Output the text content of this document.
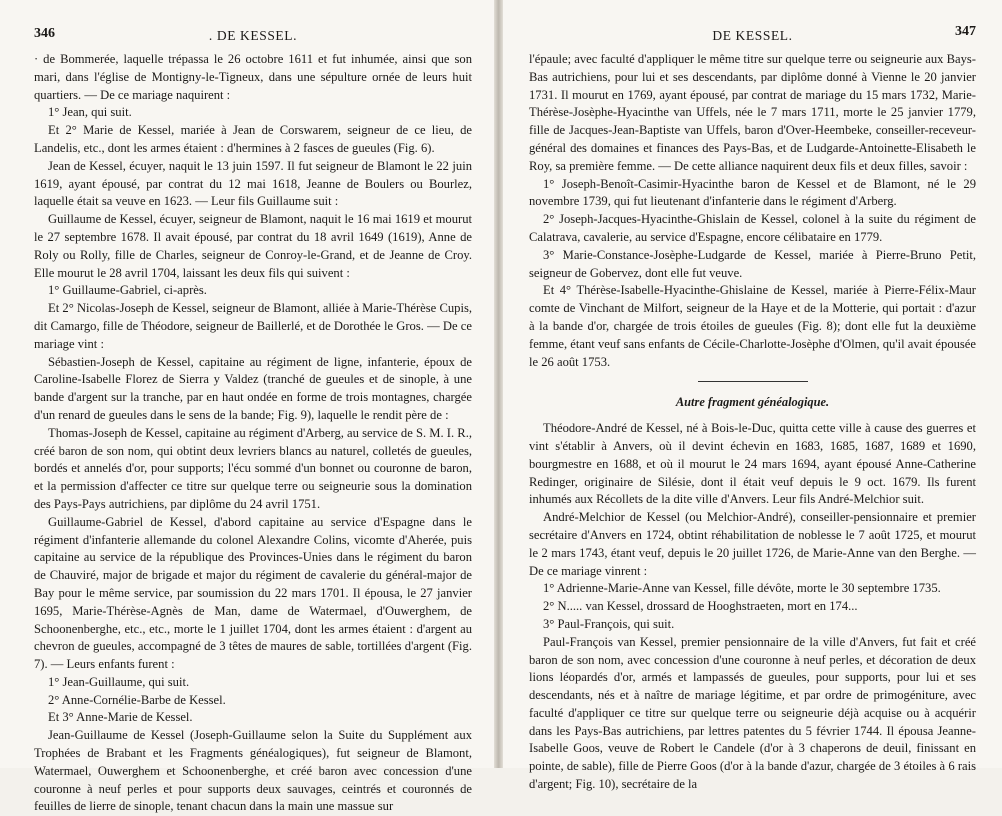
346	. DE KESSEL.

· de Bommerée, laquelle trépassa le 26 octobre 1611 et fut inhumée, ainsi que son mari, dans l'église de Montigny-le-Tigneux, dans une sépulture ornée de leurs huit quartiers. — De ce mariage naquirent :

1° Jean, qui suit.

Et 2° Marie de Kessel, mariée à Jean de Corswarem, seigneur de ce lieu, de Landelis, etc., dont les armes étaient : d'hermines à 2 fasces de gueules (Fig. 6).

Jean de Kessel, écuyer, naquit le 13 juin 1597. Il fut seigneur de Blamont le 22 juin 1619, ayant épousé, par contrat du 12 mai 1618, Jeanne de Boulers ou Bourlez, laquelle était sa veuve en 1623. — Leur fils Guillaume suit :

Guillaume de Kessel, écuyer, seigneur de Blamont, naquit le 16 mai 1619 et mourut le 27 septembre 1678. Il avait épousé, par contrat du 18 avril 1649 (1619), Anne de Roly ou Rolly, fille de Charles, seigneur de Conroy-le-Grand, et de Jeanne de Croy. Elle mourut le 28 avril 1704, laissant les deux fils qui suivent :

1° Guillaume-Gabriel, ci-après.

Et 2° Nicolas-Joseph de Kessel, seigneur de Blamont, alliée à Marie-Thérèse Cupis, dit Camargo, fille de Théodore, seigneur de Baillerlé, et de Dorothée le Gros. — De ce mariage vint :

Sébastien-Joseph de Kessel, capitaine au régiment de ligne, infanterie, époux de Caroline-Isabelle Florez de Sierra y Valdez (tranché de gueules et de sinople, à une bande d'argent sur la tranche, par en haut ondée en forme de trois montagnes, chargée d'un renard de gueules dans le sens de la bande; Fig. 9), laquelle le rendit père de :

Thomas-Joseph de Kessel, capitaine au régiment d'Arberg, au service de S. M. I. R., créé baron de son nom, qui obtint deux levriers blancs au naturel, colletés de gueules, bordés et annelés d'or, pour supports; l'écu sommé d'un bonnet ou couronne de baron, et la permission d'affecter ce titre sur quelque terre ou seigneurie sous la domination des Pays-Pays autrichiens, par diplôme du 24 avril 1751.

Guillaume-Gabriel de Kessel, d'abord capitaine au service d'Espagne dans le régiment d'infanterie allemande du colonel Alexandre Colins, vicomte d'Aherée, puis capitaine au service de la république des Provinces-Unies dans le régiment du baron de Chauviré, major de brigade et major du régiment de cavalerie du général-major de Bay pour le même service, par soumission du 22 mars 1701. Il épousa, le 27 janvier 1695, Marie-Thérèse-Agnès de Man, dame de Watermael, d'Ouwerghem, de Schoonenberghe, etc., etc., morte le 1 juillet 1704, dont les armes étaient : d'argent au chevron de gueules, accompagné de 3 têtes de maures de sable, tortillées d'argent (Fig. 7). — Leurs enfants furent :

1° Jean-Guillaume, qui suit.

2° Anne-Cornélie-Barbe de Kessel.

Et 3° Anne-Marie de Kessel.

Jean-Guillaume de Kessel (Joseph-Guillaume selon la Suite du Supplément aux Trophées de Brabant et les Fragments généalogiques), fut seigneur de Blamont, Watermael, Ouwerghem et Schoonenberghe, et créé baron avec concession d'une couronne à neuf perles et pour supports deux sauvages, ceintrés et couronnés de feuilles de lierre de sinople, tenant chacun dans la main une massue sur

DE KESSEL.	347

l'épaule; avec faculté d'appliquer le même titre sur quelque terre ou seigneurie aux Bays-Bas autrichiens, pour lui et ses descendants, par diplôme donné à Vienne le 20 janvier 1731. Il mourut en 1769, ayant épousé, par contrat de mariage du 15 mars 1732, Marie-Thérèse-Josèphe-Hyacinthe van Uffels, née le 7 mars 1711, morte le 25 janvier 1779, fille de Jacques-Jean-Baptiste van Uffels, baron d'Over-Heembeke, conseiller-receveur-général des domaines et finances des Pays-Bas, et de Ludgarde-Antoinette-Elisabeth le Roy, sa première femme. — De cette alliance naquirent deux fils et deux filles, savoir :

1° Joseph-Benoît-Casimir-Hyacinthe baron de Kessel et de Blamont, né le 29 novembre 1739, qui fut lieutenant d'infanterie dans le régiment d'Arberg.

2° Joseph-Jacques-Hyacinthe-Ghislain de Kessel, colonel à la suite du régiment de Calatrava, cavalerie, au service d'Espagne, encore célibataire en 1779.

3° Marie-Constance-Josèphe-Ludgarde de Kessel, mariée à Pierre-Bruno Petit, seigneur de Gobervez, dont elle fut veuve.

Et 4° Thérèse-Isabelle-Hyacinthe-Ghislaine de Kessel, mariée à Pierre-Félix-Maur comte de Vinchant de Milfort, seigneur de la Haye et de la Motterie, qui portait : d'azur à la bande d'or, chargée de trois étoiles de gueules (Fig. 8); dont elle fut la deuxième femme, étant veuf sans enfants de Cécile-Charlotte-Josèphe d'Olmen, qu'il avait épousée le 26 août 1753.

Autre fragment généalogique.

Théodore-André de Kessel, né à Bois-le-Duc, quitta cette ville à cause des guerres et vint s'établir à Anvers, où il devint échevin en 1683, 1685, 1687, 1689 et 1690, bourgmestre en 1688, et où il mourut le 24 mars 1694, ayant épousé Anne-Catherine Redinger, originaire de Silésie, dont il était veuf depuis le 9 oct. 1679. Ils furent inhumés aux Récollets de la dite ville d'Anvers. Leur fils André-Melchior suit.

André-Melchior de Kessel (ou Melchior-André), conseiller-pensionnaire et premier secrétaire d'Anvers en 1724, obtint réhabilitation de noblesse le 7 août 1725, et mourut le 2 mars 1743, étant veuf, depuis le 20 juillet 1726, de Marie-Anne van den Berghe. — De ce mariage vinrent :

1° Adrienne-Marie-Anne van Kessel, fille dévôte, morte le 30 septembre 1735.

2° N..... van Kessel, drossard de Hooghstraeten, mort en 174...

3° Paul-François, qui suit.

Paul-François van Kessel, premier pensionnaire de la ville d'Anvers, fut fait et créé baron de son nom, avec concession d'une couronne à neuf perles, et décoration de deux lions léopardés d'or, armés et lampassés de gueules, pour supports, pour lui et ses descendants, nés et à naître de mariage légitime, et par ordre de primogéniture, avec faculté d'appliquer ce titre sur quelque terre ou seigneurie déjà acquise ou à acquérir dans les Pays-Bas autrichiens, par lettres patentes du 5 février 1744. Il épousa Jeanne-Isabelle Goos, veuve de Robert le Candele (d'or à 3 chaperons de deuil, finissant en pointe, de sable), fille de Pierre Goos (d'or à la bande d'azur, chargée de 3 étoiles à 6 rais d'argent; Fig. 10), secrétaire de la
